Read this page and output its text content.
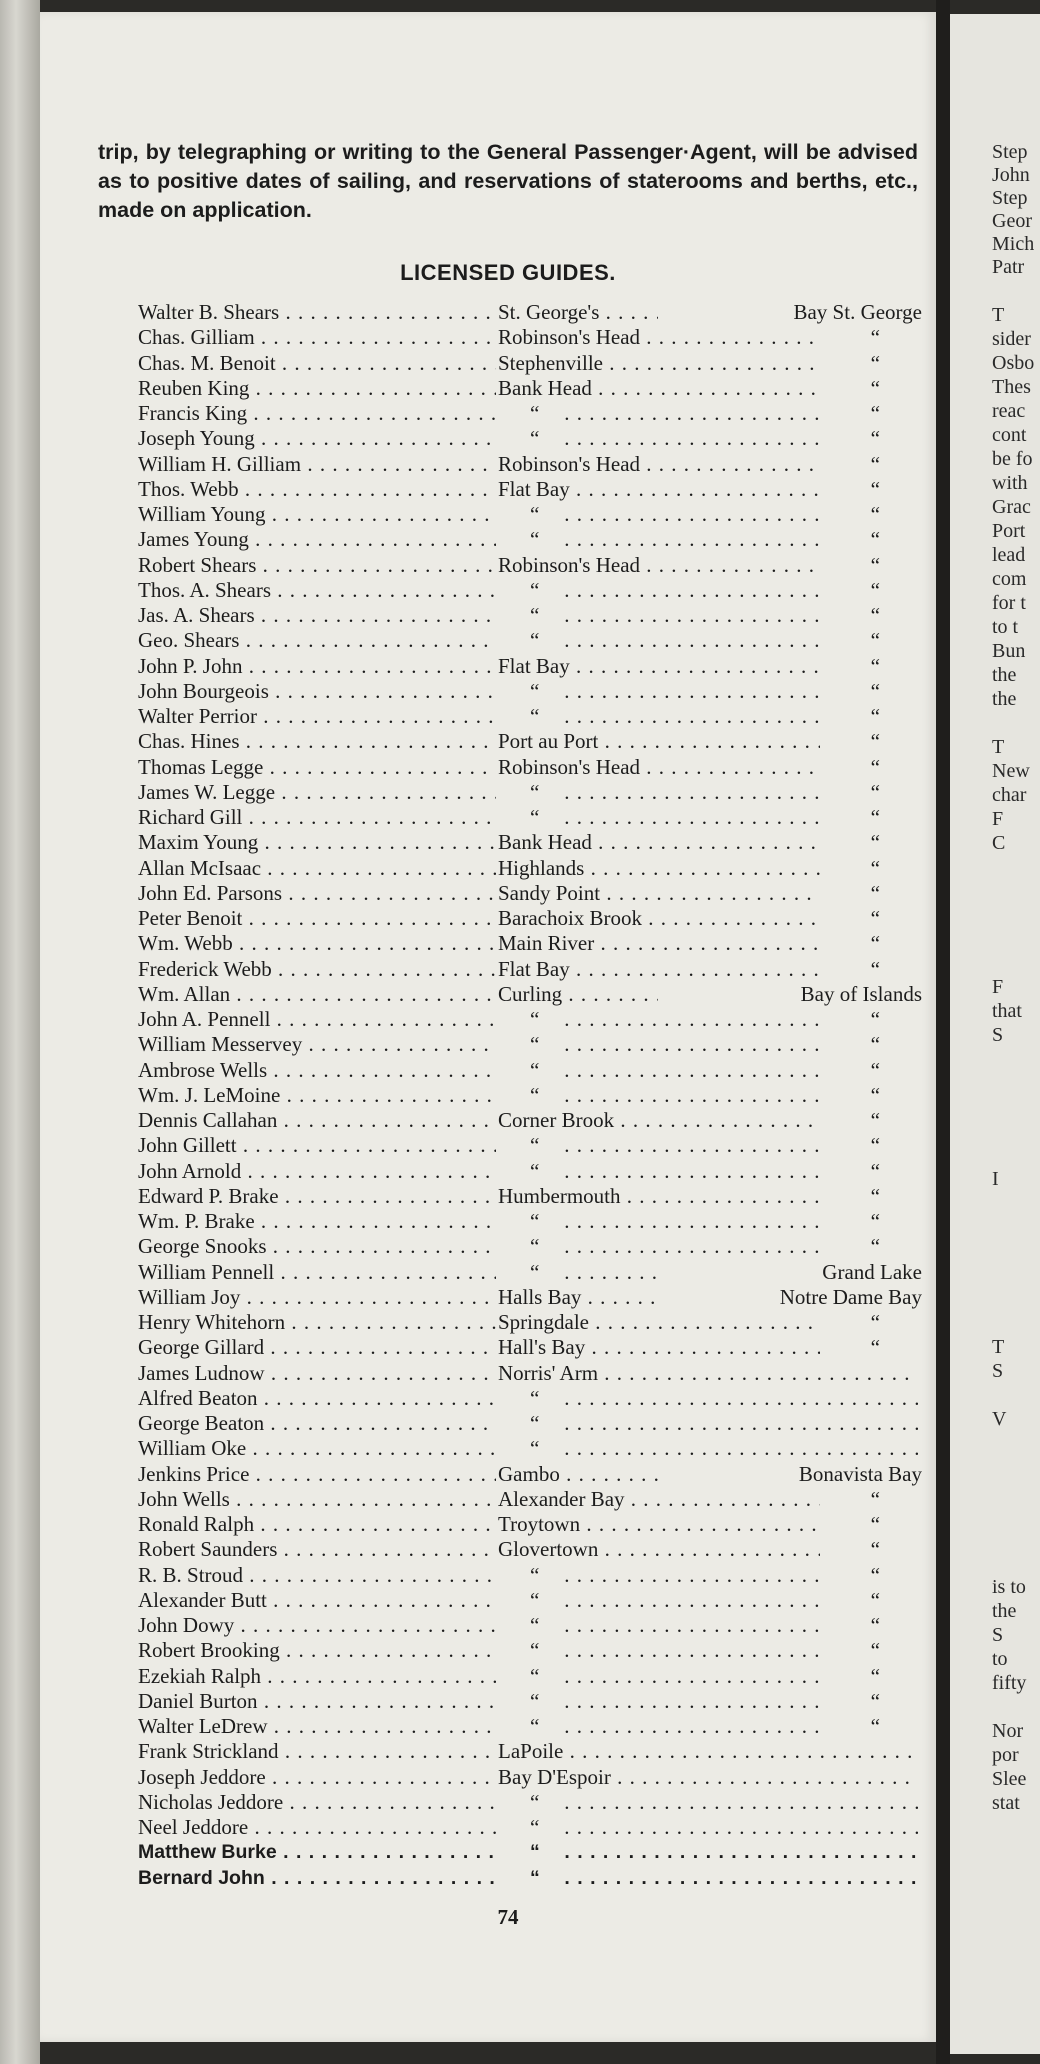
trip, by telegraphing or writing to the General Passenger·Agent, will be advised as to positive dates of sailing, and reservations of staterooms and berths, etc., made on application.

LICENSED GUIDES.
Walter B. Shears . . .	St. George's . . .	Bay St. George
Chas. Gilliam . . .	Robinson's Head . . .	“
Chas. M. Benoit . . .	Stephenville . . .	“
Reuben King . . .	Bank Head . . .	“
Francis King . . .	“ . . .	“
Joseph Young . . .	“ . . .	“
William H. Gilliam . . .	Robinson's Head . . .	“
Thos. Webb . . .	Flat Bay . . .	“
William Young . . .	“ . . .	“
James Young . . .	“ . . .	“
Robert Shears . . .	Robinson's Head . . .	“
Thos. A. Shears . . .	“ . . .	“
Jas. A. Shears . . .	“ . . .	“
Geo. Shears . . .	“ . . .	“
John P. John . . .	Flat Bay . . .	“
John Bourgeois . . .	“ . . .	“
Walter Perrior . . .	“ . . .	“
Chas. Hines . . .	Port au Port . . .	“
Thomas Legge . . .	Robinson's Head . . .	“
James W. Legge . . .	“ . . .	“
Richard Gill . . .	“ . . .	“
Maxim Young . . .	Bank Head . . .	“
Allan McIsaac . . .	Highlands . . .	“
John Ed. Parsons . . .	Sandy Point . . .	“
Peter Benoit . . .	Barachoix Brook . . .	“
Wm. Webb . . .	Main River . . .	“
Frederick Webb . . .	Flat Bay . . .	“
Wm. Allan . . .	Curling . . .	Bay of Islands
John A. Pennell . . .	“ . . .	“
William Messervey . . .	“ . . .	“
Ambrose Wells . . .	“ . . .	“
Wm. J. LeMoine . . .	“ . . .	“
Dennis Callahan . . .	Corner Brook . . .	“
John Gillett . . .	“ . . .	“
John Arnold . . .	“ . . .	“
Edward P. Brake . . .	Humbermouth . . .	“
Wm. P. Brake . . .	“ . . .	“
George Snooks . . .	“ . . .	“
William Pennell . . .	“ . . .	Grand Lake
William Joy . . .	Halls Bay . . .	Notre Dame Bay
Henry Whitehorn . . .	Springdale . . .	“
George Gillard . . .	Hall's Bay . . .	“
James Ludnow . . .	Norris' Arm . . .
Alfred Beaton . . .	“ . . .
George Beaton . . .	“ . . .
William Oke . . .	“ . . .
Jenkins Price . . .	Gambo . . .	Bonavista Bay
John Wells . . .	Alexander Bay . . .	“
Ronald Ralph . . .	Troytown . . .	“
Robert Saunders . . .	Glovertown . . .	“
R. B. Stroud . . .	“ . . .	“
Alexander Butt . . .	“ . . .	“
John Dowy . . .	“ . . .	“
Robert Brooking . . .	“ . . .	“
Ezekiah Ralph . . .	“ . . .	“
Daniel Burton . . .	“ . . .	“
Walter LeDrew . . .	“ . . .	“
Frank Strickland . . .	LaPoile . . .
Joseph Jeddore . . .	Bay D'Espoir . . .
Nicholas Jeddore . . .	“ . . .
Neel Jeddore . . .	“ . . .
Matthew Burke . . .	“ . . .
Bernard John . . .	“ . . .
74
Step
John
Step
Geor
Mich
Patr
T
sider
Osbo
Thes
reac
cont
be fo
with
Grac
Port
lead
com
for t
to t
Bun
the
the
T
New
char
F
C
F
that
S
I
T
S
V
is to
the
S
to
fifty
Nor
por
Slee
stat
